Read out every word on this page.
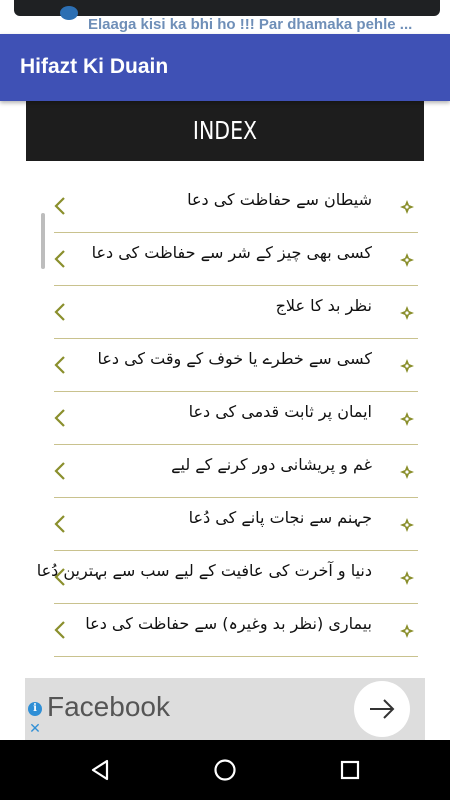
Elaaga kisi ka bhi ho !!! Par dhamaka pehle ...
Hifazt Ki Duain
INDEX
شیطان سے حفاظت کی دعا
کسی بھی چیز کے شر سے حفاظت کی دعا
نظر بد کا علاج
کسی سے خطرے یا خوف کے وقت کی دعا
ایمان پر ثابت قدمی کی دعا
غم و پریشانی دور کرنے کے لیے
جہنم سے نجات پانے کی دُعا
دنیا و آخرت کی عافیت کے لیے سب سے بہترین دُعا
بیماری (نظر بد وغیرہ) سے حفاظت کی دعا
i
✕
Facebook
